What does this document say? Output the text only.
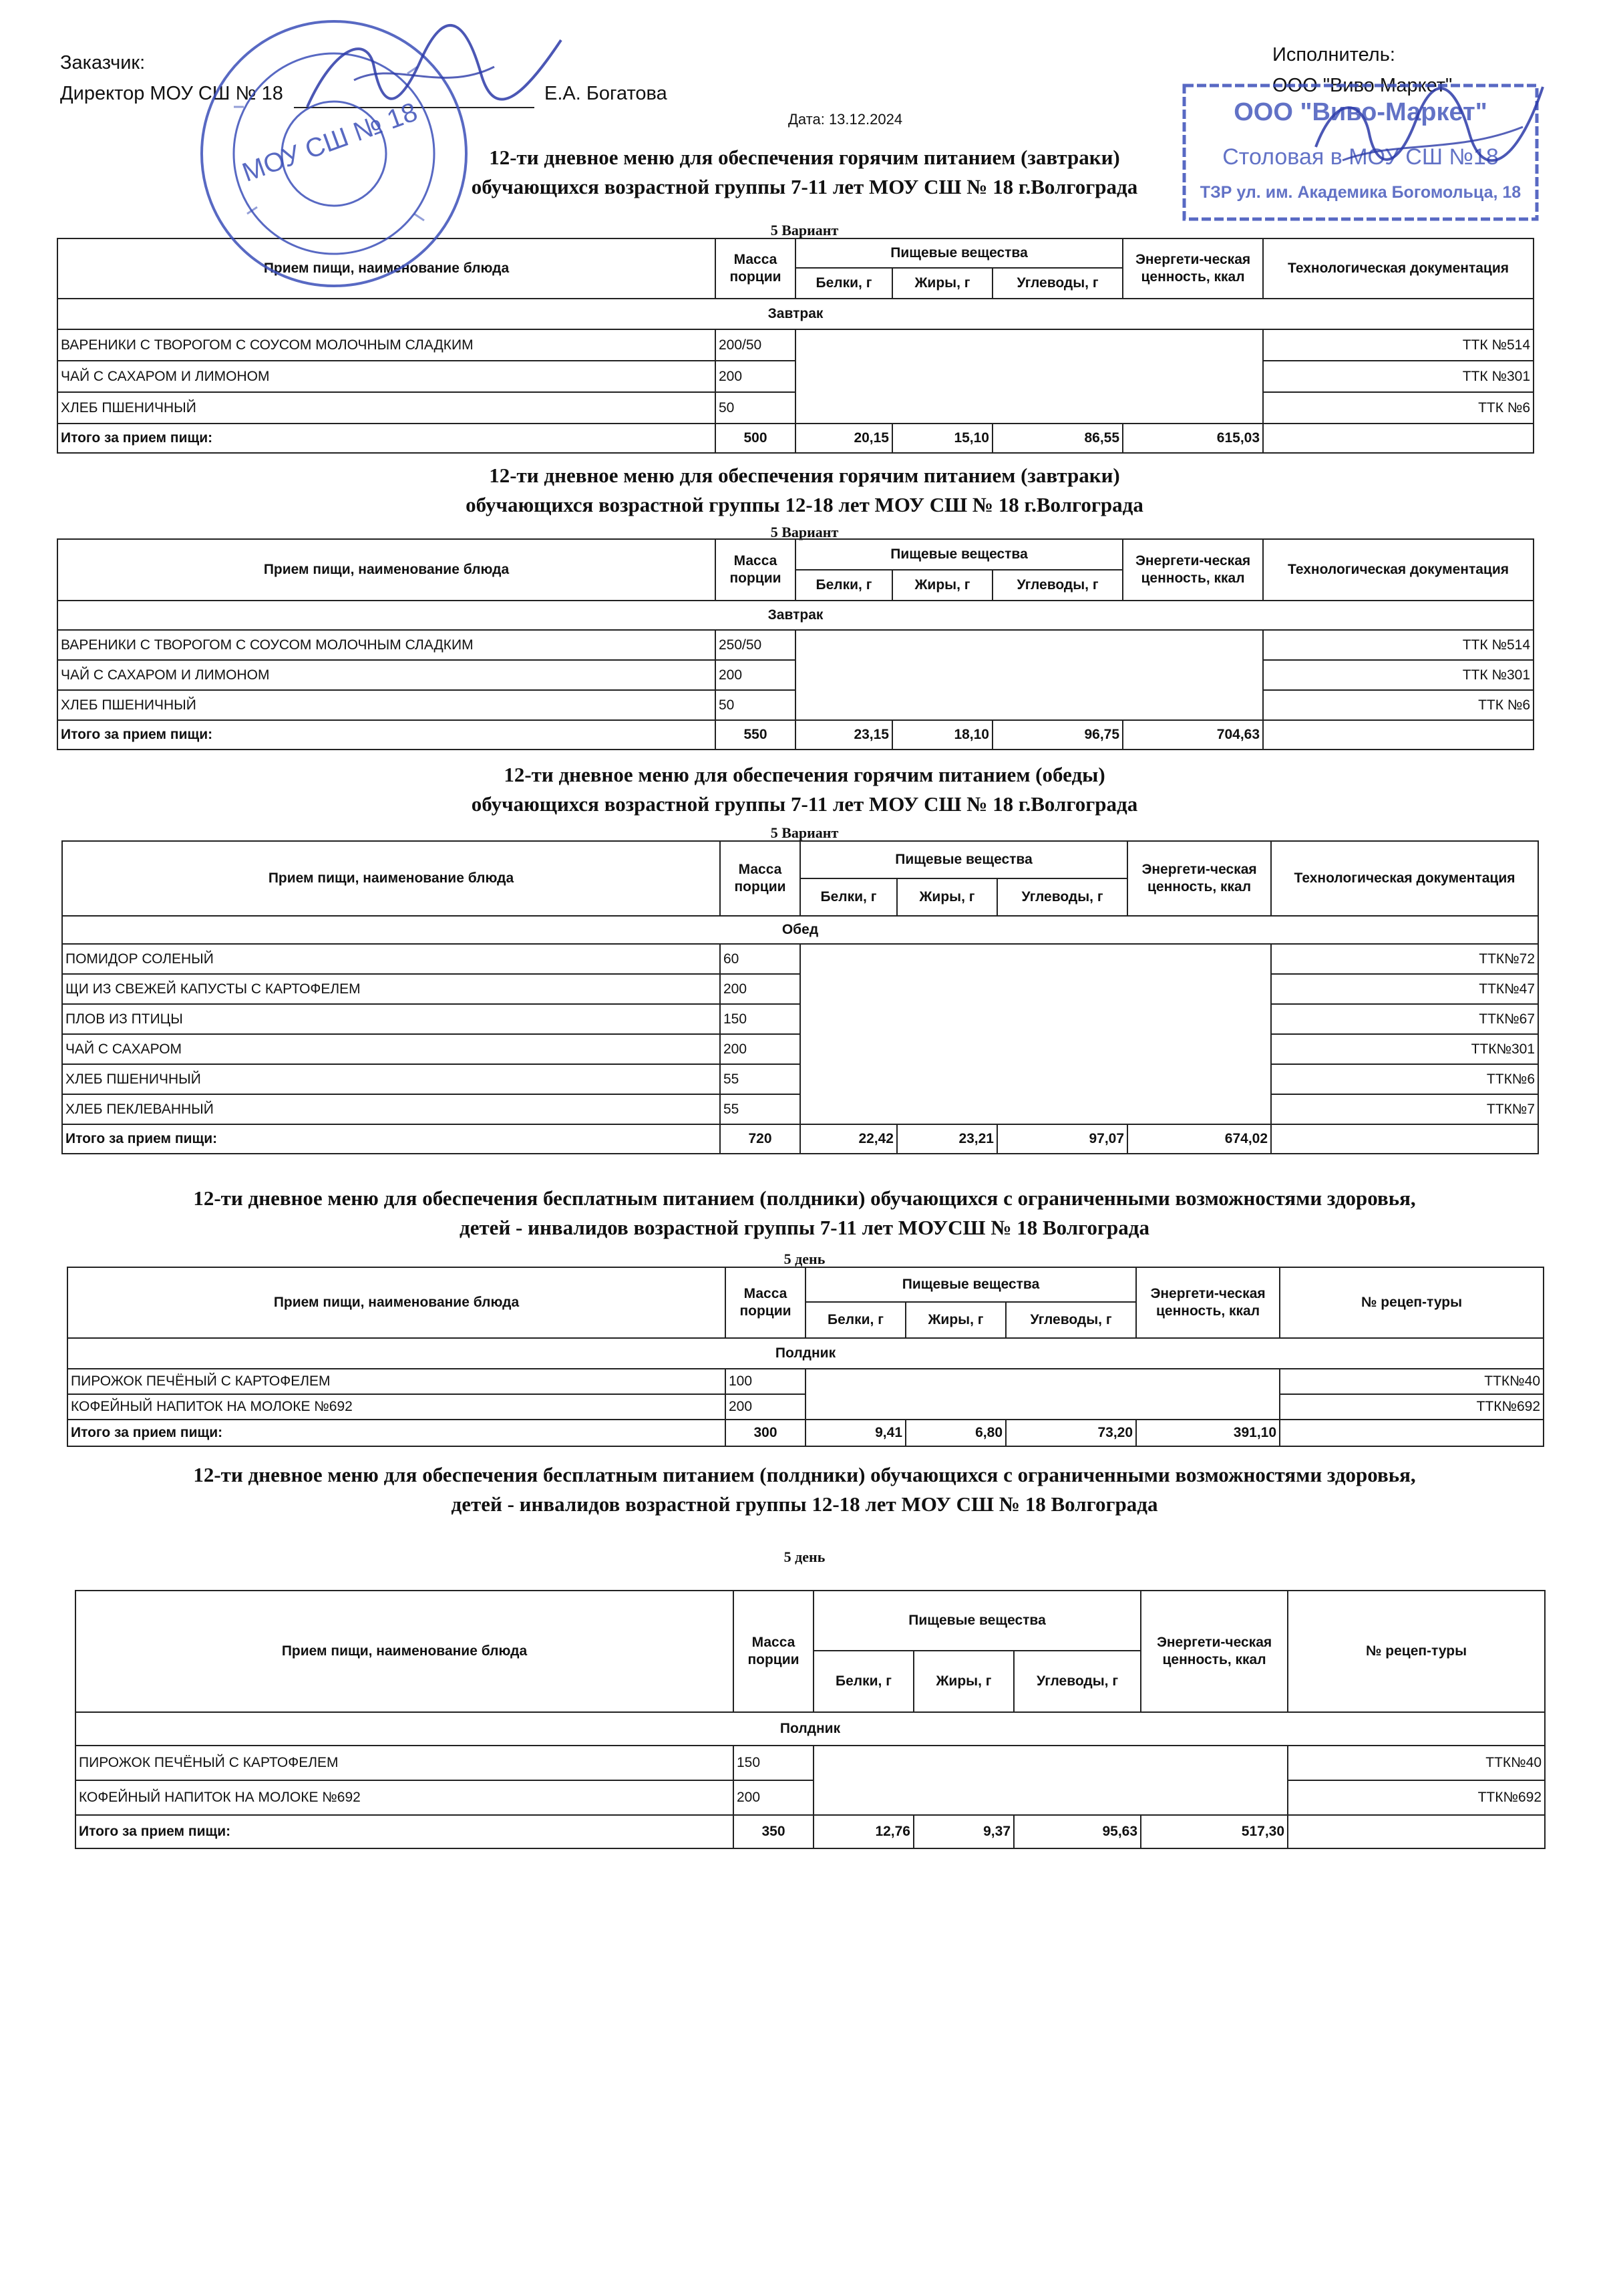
Заказчик:
Директор МОУ СШ № 18	Е.А. Богатова
Исполнитель:
ООО "Виво Маркет"
Дата: 13.12.2024
12-ти дневное меню для обеспечения горячим питанием (завтраки)
обучающихся возрастной группы 7-11 лет МОУ СШ № 18 г.Волгограда
5 Вариант
Прием пищи, наименование блюда	Масса порции	Пищевые вещества			Энергети-ческая ценность, ккал	Технологическая документация
		Белки, г	Жиры, г	Углеводы, г		
Завтрак						
ВАРЕНИКИ С ТВОРОГОМ С СОУСОМ МОЛОЧНЫМ СЛАДКИМ	200/50					ТТК №514
ЧАЙ С САХАРОМ И ЛИМОНОМ	200					ТТК №301
ХЛЕБ ПШЕНИЧНЫЙ	50					ТТК №6
Итого за прием пищи:	500	20,15	15,10	86,55	615,03	
12-ти дневное меню для обеспечения горячим питанием (завтраки)
обучающихся возрастной группы 12-18 лет МОУ СШ № 18 г.Волгограда
5 Вариант
Прием пищи, наименование блюда	Масса порции	Пищевые вещества			Энергети-ческая ценность, ккал	Технологическая документация
		Белки, г	Жиры, г	Углеводы, г		
Завтрак						
ВАРЕНИКИ С ТВОРОГОМ С СОУСОМ МОЛОЧНЫМ СЛАДКИМ	250/50					ТТК №514
ЧАЙ С САХАРОМ И ЛИМОНОМ	200					ТТК №301
ХЛЕБ ПШЕНИЧНЫЙ	50					ТТК №6
Итого за прием пищи:	550	23,15	18,10	96,75	704,63	
12-ти дневное меню для обеспечения горячим питанием (обеды)
обучающихся возрастной группы 7-11 лет МОУ СШ № 18 г.Волгограда
5 Вариант
Прием пищи, наименование блюда	Масса порции	Пищевые вещества			Энергети-ческая ценность, ккал	Технологическая документация
		Белки, г	Жиры, г	Углеводы, г		
Обед						
ПОМИДОР СОЛЕНЫЙ	60					ТТК№72
ЩИ ИЗ СВЕЖЕЙ КАПУСТЫ С КАРТОФЕЛЕМ	200					ТТК№47
ПЛОВ ИЗ ПТИЦЫ	150					ТТК№67
ЧАЙ С САХАРОМ	200					ТТК№301
ХЛЕБ ПШЕНИЧНЫЙ	55					ТТК№6
ХЛЕБ ПЕКЛЕВАННЫЙ	55					ТТК№7
Итого за прием пищи:	720	22,42	23,21	97,07	674,02	
12-ти дневное меню для обеспечения бесплатным питанием (полдники) обучающихся с ограниченными возможностями здоровья,
детей - инвалидов возрастной группы 7-11 лет МОУСШ № 18 Волгограда
5 день
Прием пищи, наименование блюда	Масса порции	Пищевые вещества			Энергети-ческая ценность, ккал	№ рецеп-туры
		Белки, г	Жиры, г	Углеводы, г		
Полдник						
ПИРОЖОК ПЕЧЁНЫЙ С КАРТОФЕЛЕМ	100					ТТК№40
КОФЕЙНЫЙ НАПИТОК НА МОЛОКЕ №692	200					ТТК№692
Итого за прием пищи:	300	9,41	6,80	73,20	391,10	
12-ти дневное меню для обеспечения бесплатным питанием (полдники) обучающихся с ограниченными возможностями здоровья,
детей - инвалидов возрастной группы 12-18 лет МОУ СШ № 18 Волгограда
5 день
Прием пищи, наименование блюда	Масса порции	Пищевые вещества			Энергети-ческая ценность, ккал	№ рецеп-туры
		Белки, г	Жиры, г	Углеводы, г		
Полдник						
ПИРОЖОК ПЕЧЁНЫЙ С КАРТОФЕЛЕМ	150					ТТК№40
КОФЕЙНЫЙ НАПИТОК НА МОЛОКЕ №692	200					ТТК№692
Итого за прием пищи:	350	12,76	9,37	95,63	517,30	
МОУ СШ № 18	ООО "Виво-Маркет"
Столовая в МОУ СШ №18
ТЗР ул. им. Академика Богомольца, 18
